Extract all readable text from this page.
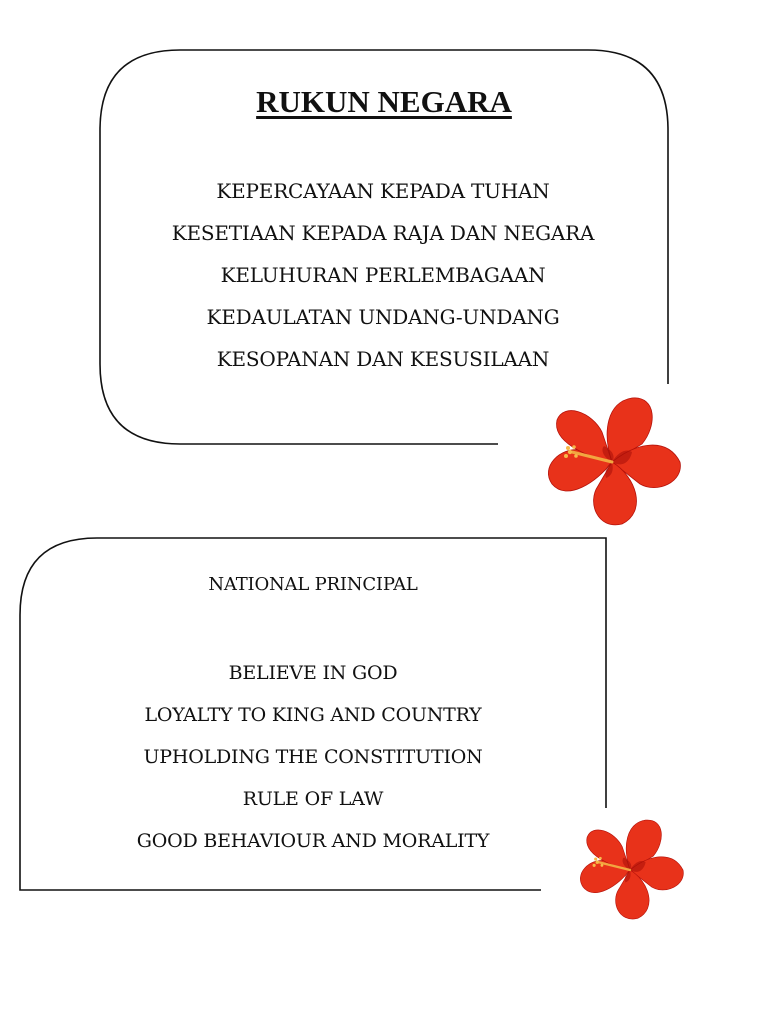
RUKUN NEGARA
KEPERCAYAAN KEPADA TUHAN
KESETIAAN KEPADA RAJA DAN NEGARA
KELUHURAN PERLEMBAGAAN
KEDAULATAN UNDANG-UNDANG
KESOPANAN DAN KESUSILAAN

NATIONAL PRINCIPAL

BELIEVE IN GOD
LOYALTY TO KING AND COUNTRY
UPHOLDING THE CONSTITUTION
RULE OF LAW
GOOD BEHAVIOUR AND MORALITY
